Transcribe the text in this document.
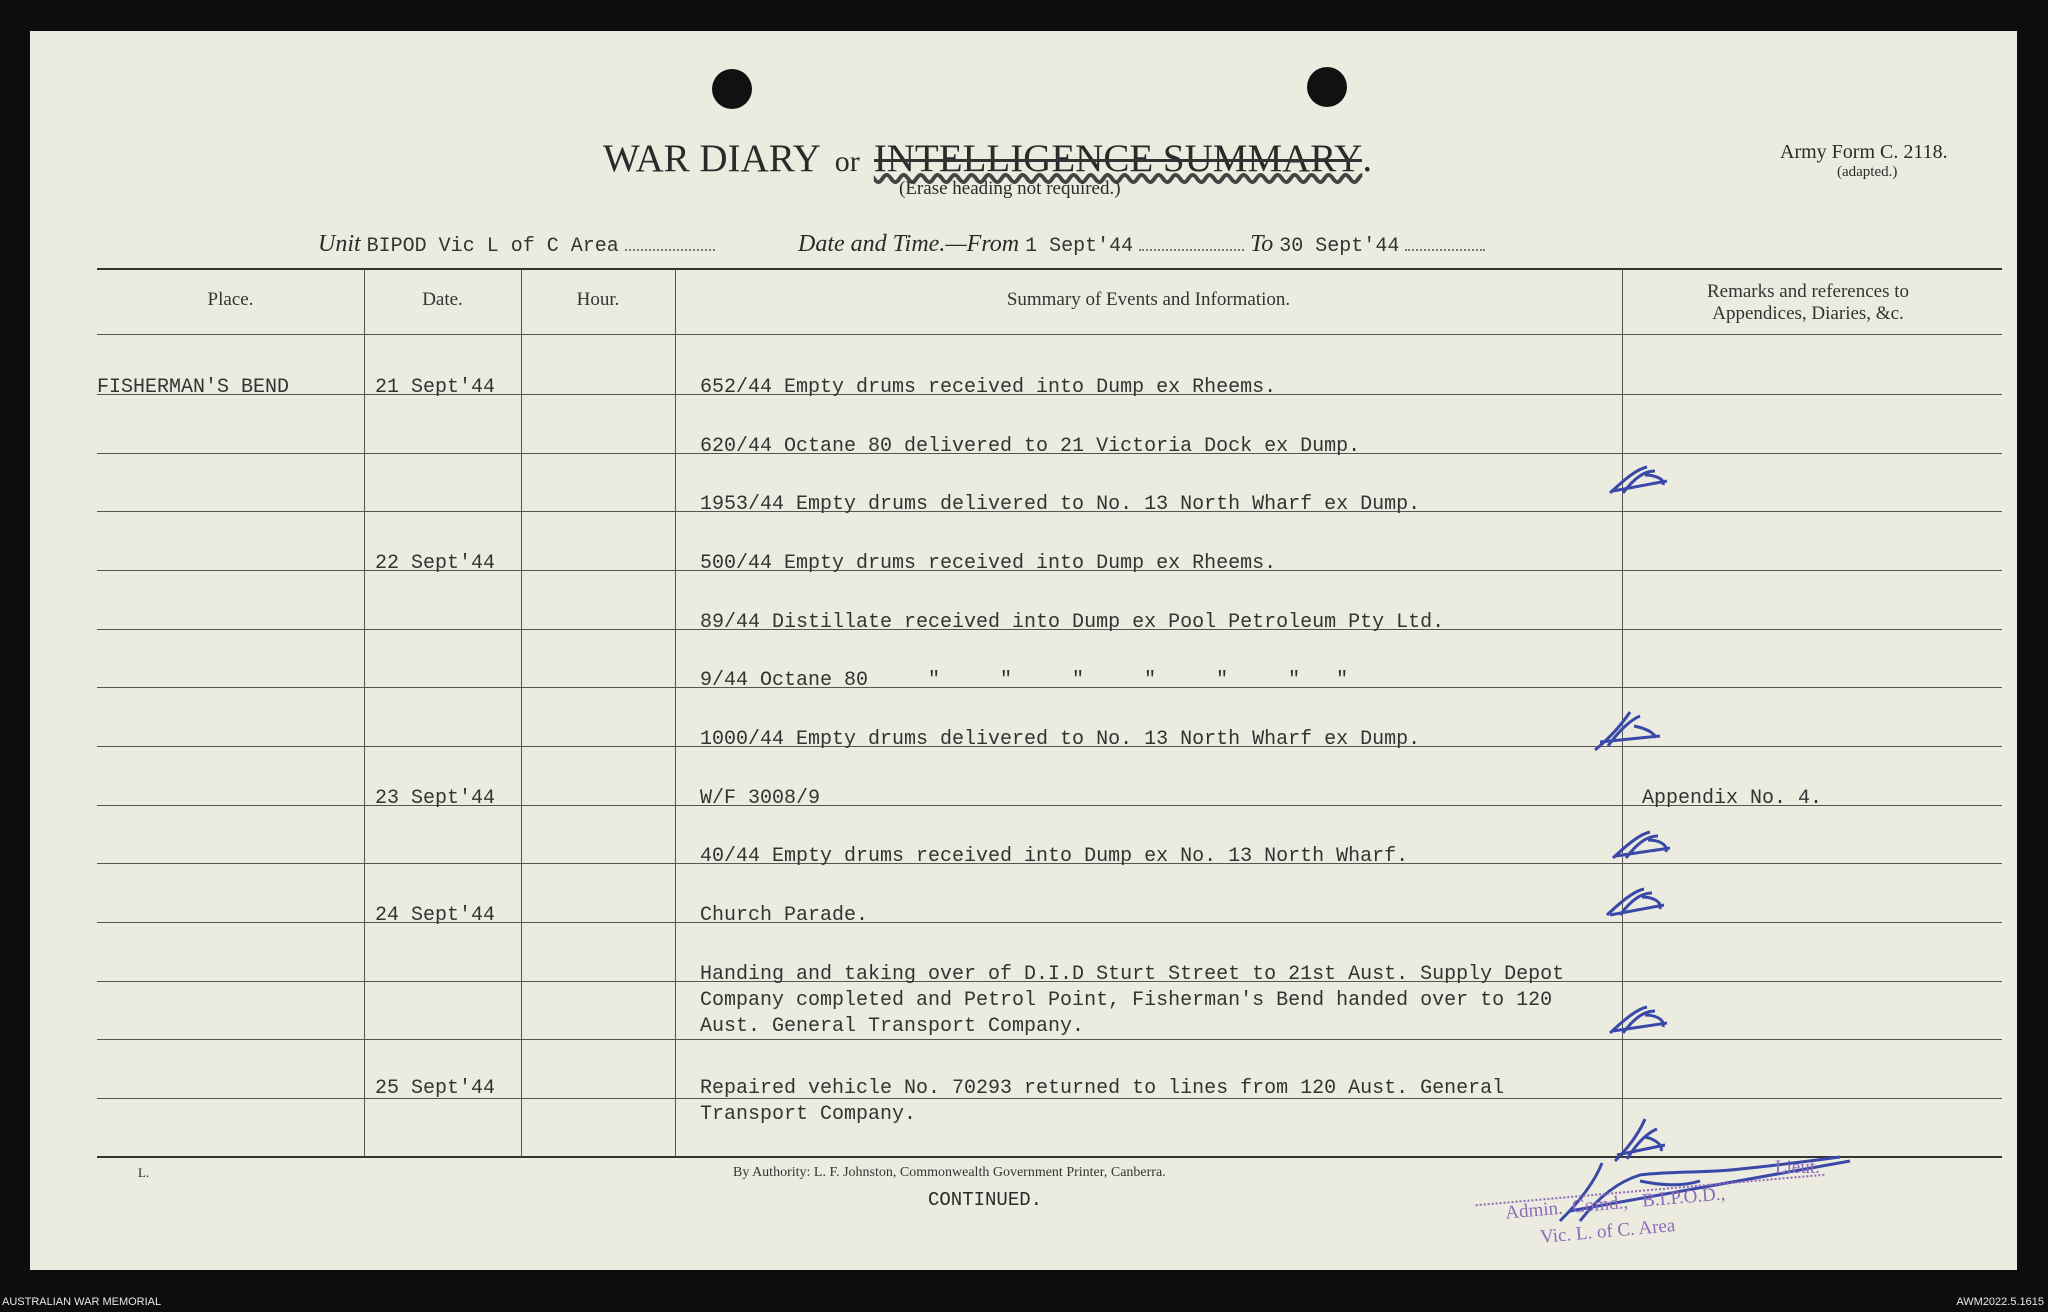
WAR DIARY or INTELLIGENCE SUMMARY.
(Erase heading not required.)
Army Form C. 2118.
(adapted.)
Unit BIPOD Vic L of C Area	Date and Time.—From 1 Sept'44	To 30 Sept'44
Place.	Date.	Hour.	Summary of Events and Information.	Remarks and references to Appendices, Diaries, &c.
FISHERMAN'S BEND	21 Sept'44	652/44 Empty drums received into Dump ex Rheems.
620/44 Octane 80 delivered to 21 Victoria Dock ex Dump.
1953/44 Empty drums delivered to No. 13 North Wharf ex Dump.
22 Sept'44	500/44 Empty drums received into Dump ex Rheems.
89/44 Distillate received into Dump ex Pool Petroleum Pty Ltd.
9/44 Octane 80     "     "     "     "     "     "   "
1000/44 Empty drums delivered to No. 13 North Wharf ex Dump.
23 Sept'44	W/F 3008/9	Appendix No. 4.
40/44 Empty drums received into Dump ex No. 13 North Wharf.
24 Sept'44	Church Parade.
Handing and taking over of D.I.D Sturt Street to 21st Aust. Supply Depot Company completed and Petrol Point, Fisherman's Bend handed over to 120 Aust. General Transport Company.
25 Sept'44	Repaired vehicle No. 70293 returned to lines from 120 Aust. General Transport Company.
L.	By Authority: L. F. Johnston, Commonwealth Government Printer, Canberra.
CONTINUED.
Lieut.
Admin.  Comd.,   B.I.P.O.D.,
Vic. L. of C. Area
AUSTRALIAN WAR MEMORIAL	AWM2022.5.1615
